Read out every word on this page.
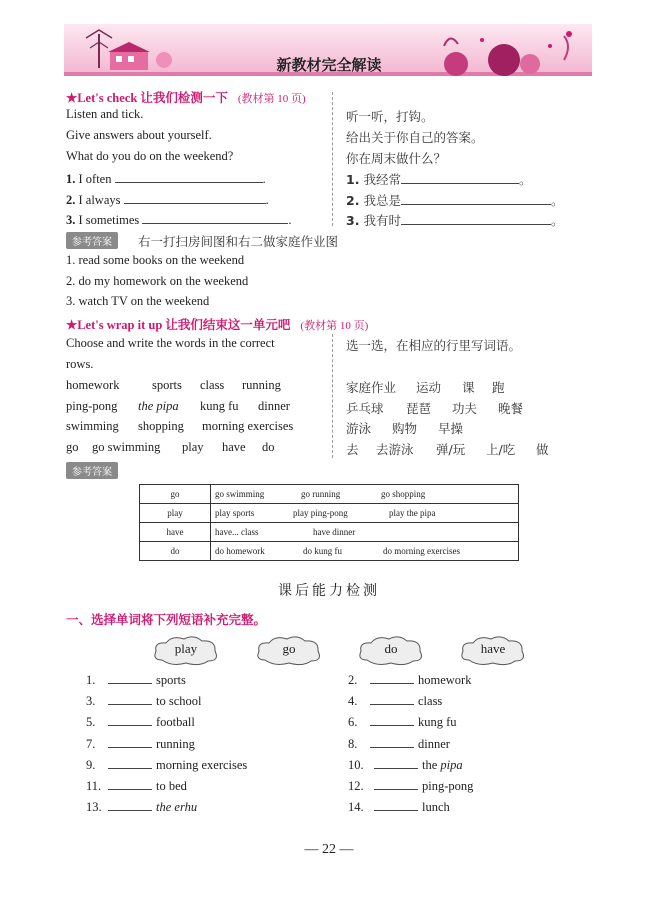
新教材完全解读
★Let's check 让我们检测一下 (教材第 10 页)
Listen and tick.
Give answers about yourself.
What do you do on the weekend?
听一听，打钩。
给出关于你自己的答案。
你在周末做什么？
1. I often	.
2. I always	.
3. I sometimes	.
1. 我经常	。
2. 我总是	。
3. 我有时	。
参考答案	右一打扫房间图和右二做家庭作业图
1. read some books on the weekend
2. do my homework on the weekend
3. watch TV on the weekend
★Let's wrap it up 让我们结束这一单元吧 (教材第 10 页)
Choose and write the words in the correct
rows.
选一选，在相应的行里写词语。
homework	sports class running
ping-pong the pipa kung fu dinner
swimming shopping morning exercises
go go swimming play have do
家庭作业 运动 课 跑
乒乓球 琵琶 功夫 晚餐
游泳 购物 早操
去 去游泳 弹/玩 上/吃 做
参考答案
go	go swimming go running go shopping
play	play sports play ping-pong play the pipa
have	have... class have dinner
do	do homework do kung fu do morning exercises
课后能力检测
一、选择单词将下列短语补充完整。
play	go	do	have
1.	sports
3.	to school
5.	football
7.	running
9.	morning exercises
11.	to bed
13.	the erhu
2.	homework
4.	class
6.	kung fu
8.	dinner
10.	the pipa
12.	ping-pong
14.	lunch
— 22 —
